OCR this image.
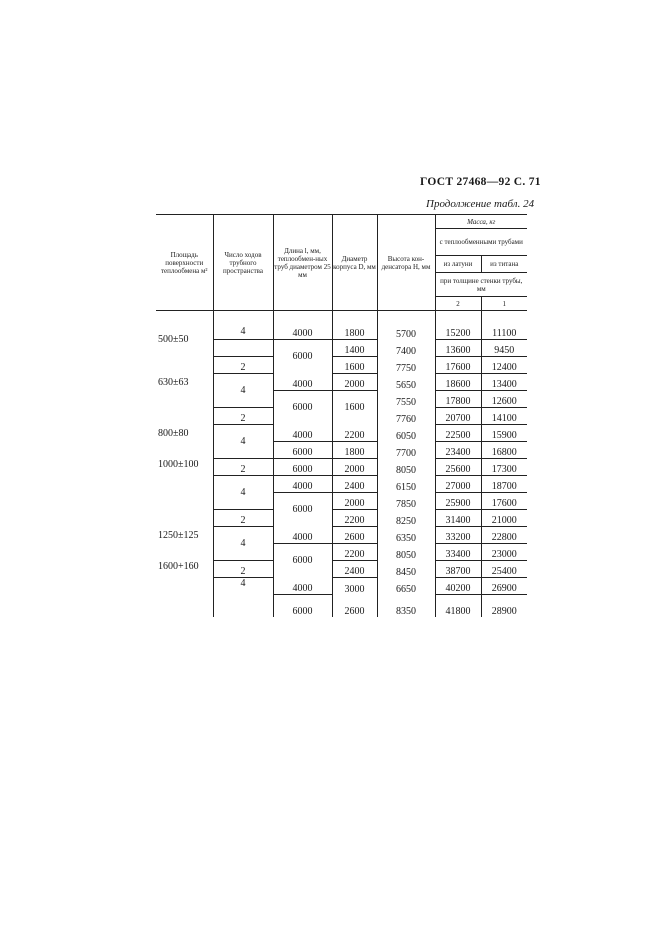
ГОСТ 27468—92 С. 71
Продолжение табл. 24
Площадь поверхности теплообмена м²	Число ходов трубного пространства	Длина l, мм, теплообмен-ных труб диаметром 25 мм	Диаметр корпуса D, мм	Высота кон-денсатора H, мм	Масса, кг	
					с теплообменными трубами	
					из латуни	из титана
					при толщине стенки трубы, мм	
					2	1
500±50	4	4000	1800	5700	15200	11100
		6000	1400	7400	13600	9450
630±63	2		1600	7750	17600	12400
	4	4000	2000	5650	18600	13400
		6000	1600	7550	17800	12600
800±80	2			7760	20700	14100
	4	4000	2200	6050	22500	15900
		6000	1800	7700	23400	16800
1000±100	2	6000	2000	8050	25600	17300
	4	4000	2400	6150	27000	18700
		6000	2000	7850	25900	17600
1250±125	2		2200	8250	31400	21000
	4	4000	2600	6350	33200	22800
		6000	2200	8050	33400	23000
1600+160	2		2400	8450	38700	25400
	4	4000	3000	6650	40200	26900
		6000	2600	8350	41800	28900
